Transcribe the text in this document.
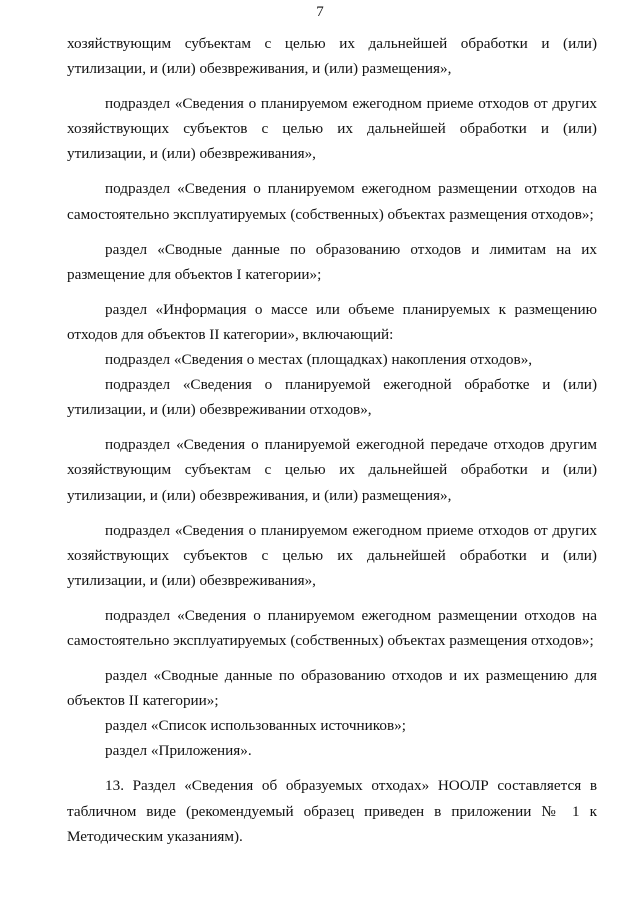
7

хозяйствующим субъектам с целью их дальнейшей обработки и (или) утилизации, и (или) обезвреживания, и (или) размещения»,

подраздел «Сведения о планируемом ежегодном приеме отходов от других хозяйствующих субъектов с целью их дальнейшей обработки и (или) утилизации, и (или) обезвреживания»,

подраздел «Сведения о планируемом ежегодном размещении отходов на самостоятельно эксплуатируемых (собственных) объектах размещения отходов»;

раздел «Сводные данные по образованию отходов и лимитам на их размещение для объектов I категории»;

раздел «Информация о массе или объеме планируемых к размещению отходов для объектов II категории», включающий:

подраздел «Сведения о местах (площадках) накопления отходов»,

подраздел «Сведения о планируемой ежегодной обработке и (или) утилизации, и (или) обезвреживании отходов»,

подраздел «Сведения о планируемой ежегодной передаче отходов другим хозяйствующим субъектам с целью их дальнейшей обработки и (или) утилизации, и (или) обезвреживания, и (или) размещения»,

подраздел «Сведения о планируемом ежегодном приеме отходов от других хозяйствующих субъектов с целью их дальнейшей обработки и (или) утилизации, и (или) обезвреживания»,

подраздел «Сведения о планируемом ежегодном размещении отходов на самостоятельно эксплуатируемых (собственных) объектах размещения отходов»;

раздел «Сводные данные по образованию отходов и их размещению для объектов II категории»;

раздел «Список использованных источников»;

раздел «Приложения».

13. Раздел «Сведения об образуемых отходах» НООЛР составляется в табличном виде (рекомендуемый образец приведен в приложении № 1 к Методическим указаниям).
